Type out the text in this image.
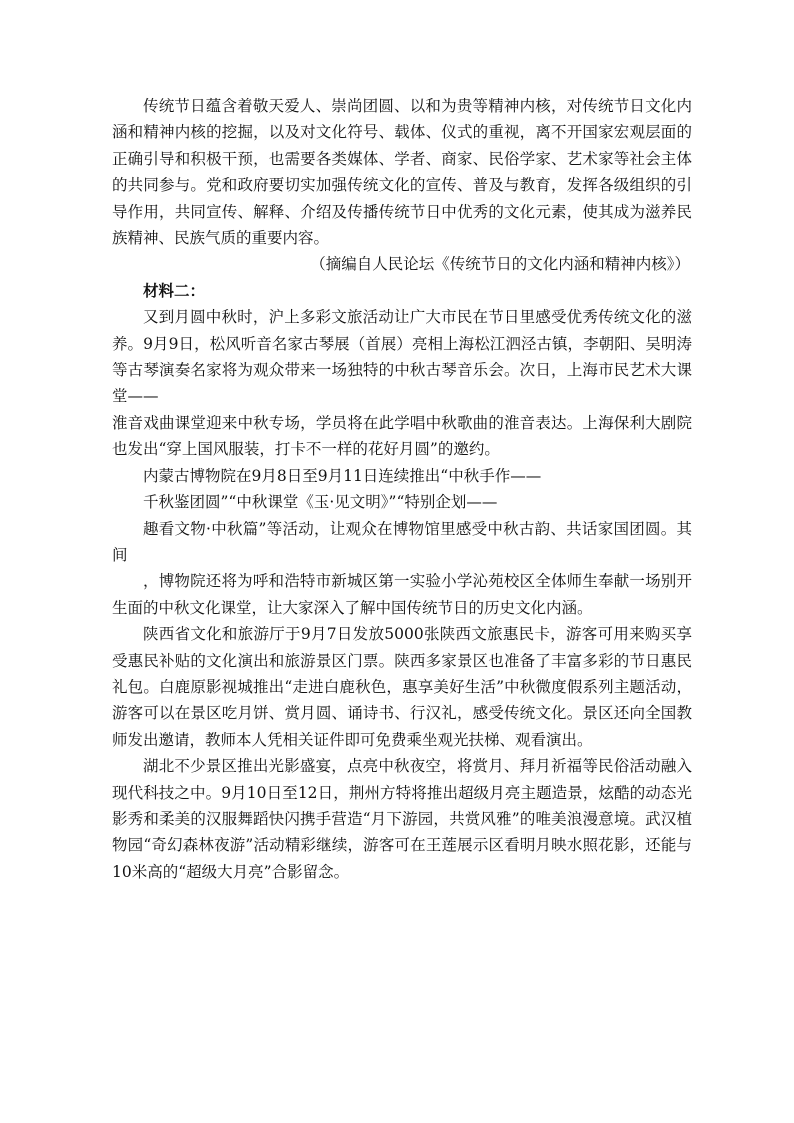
传统节日蕴含着敬天爱人、崇尚团圆、以和为贵等精神内核，对传统节日文化内涵和精神内核的挖掘，以及对文化符号、载体、仪式的重视，离不开国家宏观层面的正确引导和积极干预，也需要各类媒体、学者、商家、民俗学家、艺术家等社会主体的共同参与。党和政府要切实加强传统文化的宣传、普及与教育，发挥各级组织的引导作用，共同宣传、解释、介绍及传播传统节日中优秀的文化元素，使其成为滋养民族精神、民族气质的重要内容。

（摘编自人民论坛《传统节日的文化内涵和精神内核》）

材料二：

又到月圆中秋时，沪上多彩文旅活动让广大市民在节日里感受优秀传统文化的滋养。9月9日，松风听音名家古琴展（首展）亮相上海松江泗泾古镇，李朝阳、吴明涛等古琴演奏名家将为观众带来一场独特的中秋古琴音乐会。次日，上海市民艺术大课堂——
淮音戏曲课堂迎来中秋专场，学员将在此学唱中秋歌曲的淮音表达。上海保利大剧院也发出“穿上国风服装，打卡不一样的花好月圆”的邀约。

内蒙古博物院在9月8日至9月11日连续推出“中秋手作——
千秋鉴团圆”“中秋课堂《玉·见文明》”“特别企划——
趣看文物·中秋篇”等活动，让观众在博物馆里感受中秋古韵、共话家国团圆。其间
，博物院还将为呼和浩特市新城区第一实验小学沁苑校区全体师生奉献一场别开生面的中秋文化课堂，让大家深入了解中国传统节日的历史文化内涵。

陕西省文化和旅游厅于9月7日发放5000张陕西文旅惠民卡，游客可用来购买享受惠民补贴的文化演出和旅游景区门票。陕西多家景区也准备了丰富多彩的节日惠民礼包。白鹿原影视城推出“走进白鹿秋色，惠享美好生活”中秋微度假系列主题活动，游客可以在景区吃月饼、赏月圆、诵诗书、行汉礼，感受传统文化。景区还向全国教师发出邀请，教师本人凭相关证件即可免费乘坐观光扶梯、观看演出。

湖北不少景区推出光影盛宴，点亮中秋夜空，将赏月、拜月祈福等民俗活动融入现代科技之中。9月10日至12日，荆州方特将推出超级月亮主题造景，炫酷的动态光影秀和柔美的汉服舞蹈快闪携手营造“月下游园，共赏风雅”的唯美浪漫意境。武汉植物园“奇幻森林夜游”活动精彩继续，游客可在王莲展示区看明月映水照花影，还能与10米高的“超级大月亮”合影留念。
